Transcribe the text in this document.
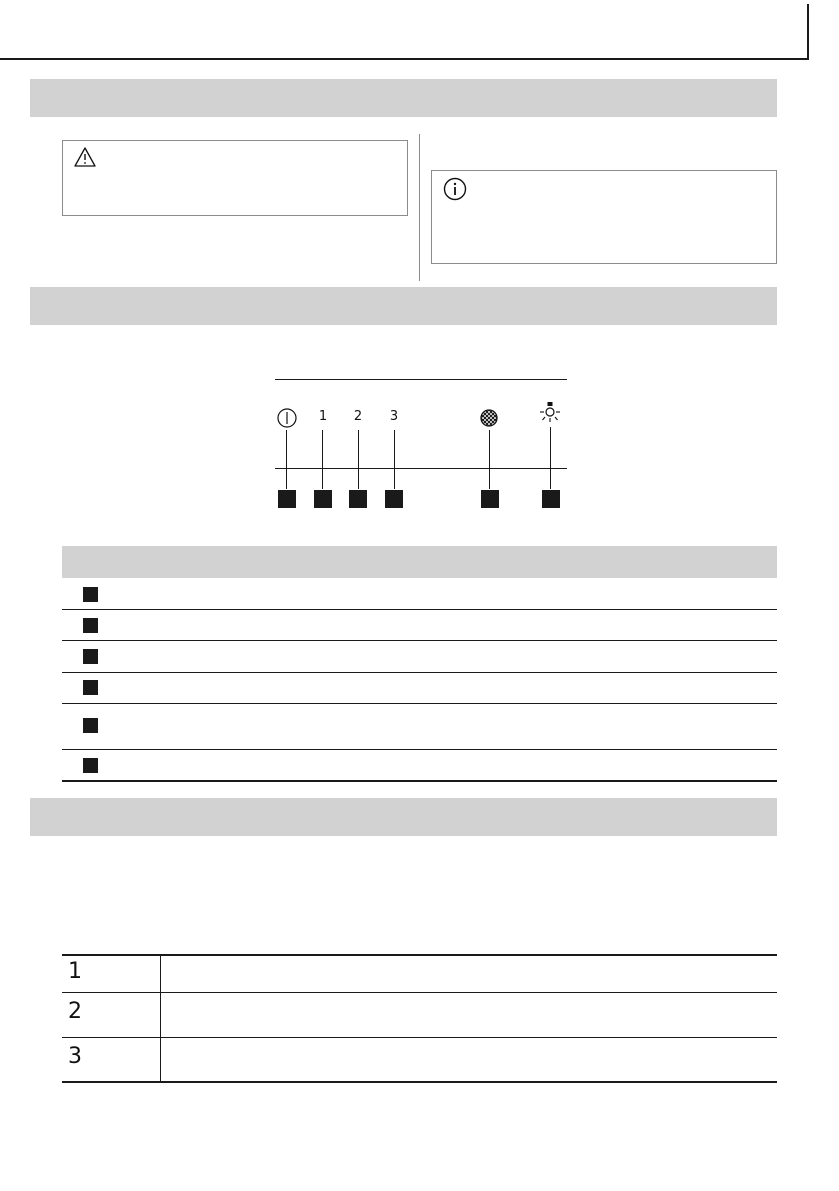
1 2 3
1
2
3
